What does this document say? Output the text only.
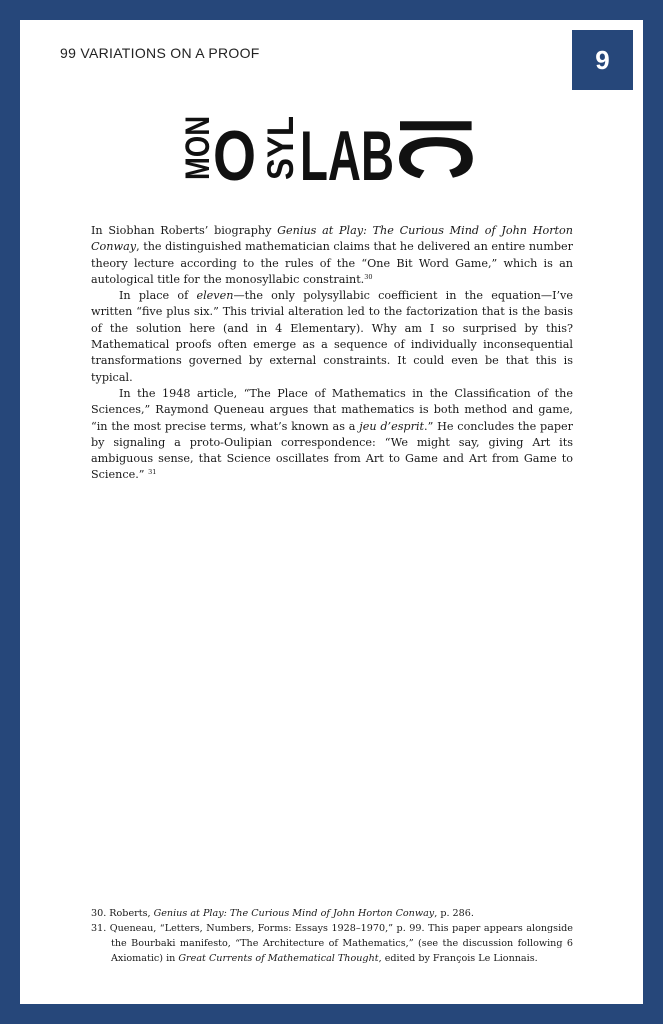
99 VARIATIONS ON A PROOF	9
MON
O SYL LAB
IC

In Siobhan Roberts’ biography Genius at Play: The Curious Mind of John Horton Conway, the distinguished mathematician claims that he delivered an entire number theory lecture according to the rules of the “One Bit Word Game,” which is an autological title for the monosyllabic constraint.$^{30}$

In place of eleven—the only polysyllabic coefficient in the equation—I’ve written “five plus six.” This trivial alteration led to the factorization that is the basis of the solution here (and in 4 Elementary). Why am I so surprised by this? Mathematical proofs often emerge as a sequence of individually inconsequential transformations governed by external constraints. It could even be that this is typical.

In the 1948 article, “The Place of Mathematics in the Classification of the Sciences,” Raymond Queneau argues that mathematics is both method and game, “in the most precise terms, what’s known as a jeu d’esprit.” He concludes the paper by signaling a proto-Oulipian correspondence: “We might say, giving Art its ambiguous sense, that Science oscillates from Art to Game and Art from Game to Science.” $^{31}$

30. Roberts, Genius at Play: The Curious Mind of John Horton Conway, p. 286.

31. Queneau, “Letters, Numbers, Forms: Essays 1928–1970,” p. 99. This paper appears alongside the Bourbaki manifesto, “The Architecture of Mathematics,” (see the discussion following 6 Axiomatic) in Great Currents of Mathematical Thought, edited by François Le Lionnais.
